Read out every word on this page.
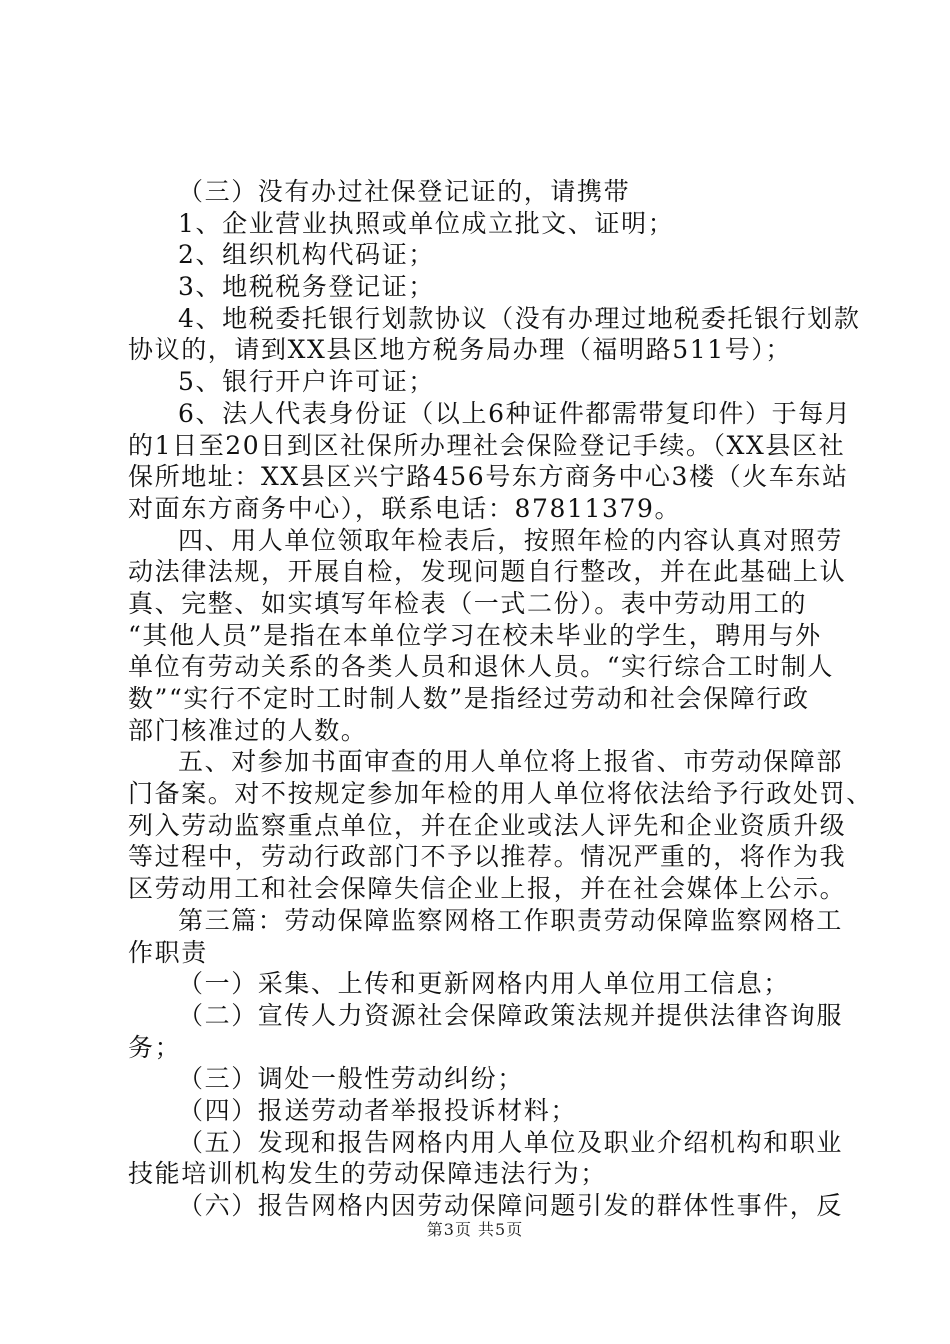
（三）没有办过社保登记证的，请携带
1、企业营业执照或单位成立批文、证明；
2、组织机构代码证；
3、地税税务登记证；
4、地税委托银行划款协议（没有办理过地税委托银行划款
协议的，请到XX县区地方税务局办理（福明路511号）；
5、银行开户许可证；
6、法人代表身份证（以上6种证件都需带复印件）于每月
的1日至20日到区社保所办理社会保险登记手续。（XX县区社
保所地址：XX县区兴宁路456号东方商务中心3楼（火车东站
对面东方商务中心），联系电话：87811379。
四、用人单位领取年检表后，按照年检的内容认真对照劳
动法律法规，开展自检，发现问题自行整改，并在此基础上认
真、完整、如实填写年检表（一式二份）。表中劳动用工的
“其他人员”是指在本单位学习在校未毕业的学生，聘用与外
单位有劳动关系的各类人员和退休人员。“实行综合工时制人
数”“实行不定时工时制人数”是指经过劳动和社会保障行政
部门核准过的人数。
五、对参加书面审查的用人单位将上报省、市劳动保障部
门备案。对不按规定参加年检的用人单位将依法给予行政处罚、
列入劳动监察重点单位，并在企业或法人评先和企业资质升级
等过程中，劳动行政部门不予以推荐。情况严重的，将作为我
区劳动用工和社会保障失信企业上报，并在社会媒体上公示。
第三篇：劳动保障监察网格工作职责劳动保障监察网格工
作职责
（一）采集、上传和更新网格内用人单位用工信息；
（二）宣传人力资源社会保障政策法规并提供法律咨询服
务；
（三）调处一般性劳动纠纷；
（四）报送劳动者举报投诉材料；
（五）发现和报告网格内用人单位及职业介绍机构和职业
技能培训机构发生的劳动保障违法行为；
（六）报告网格内因劳动保障问题引发的群体性事件，反
第3页 共5页
